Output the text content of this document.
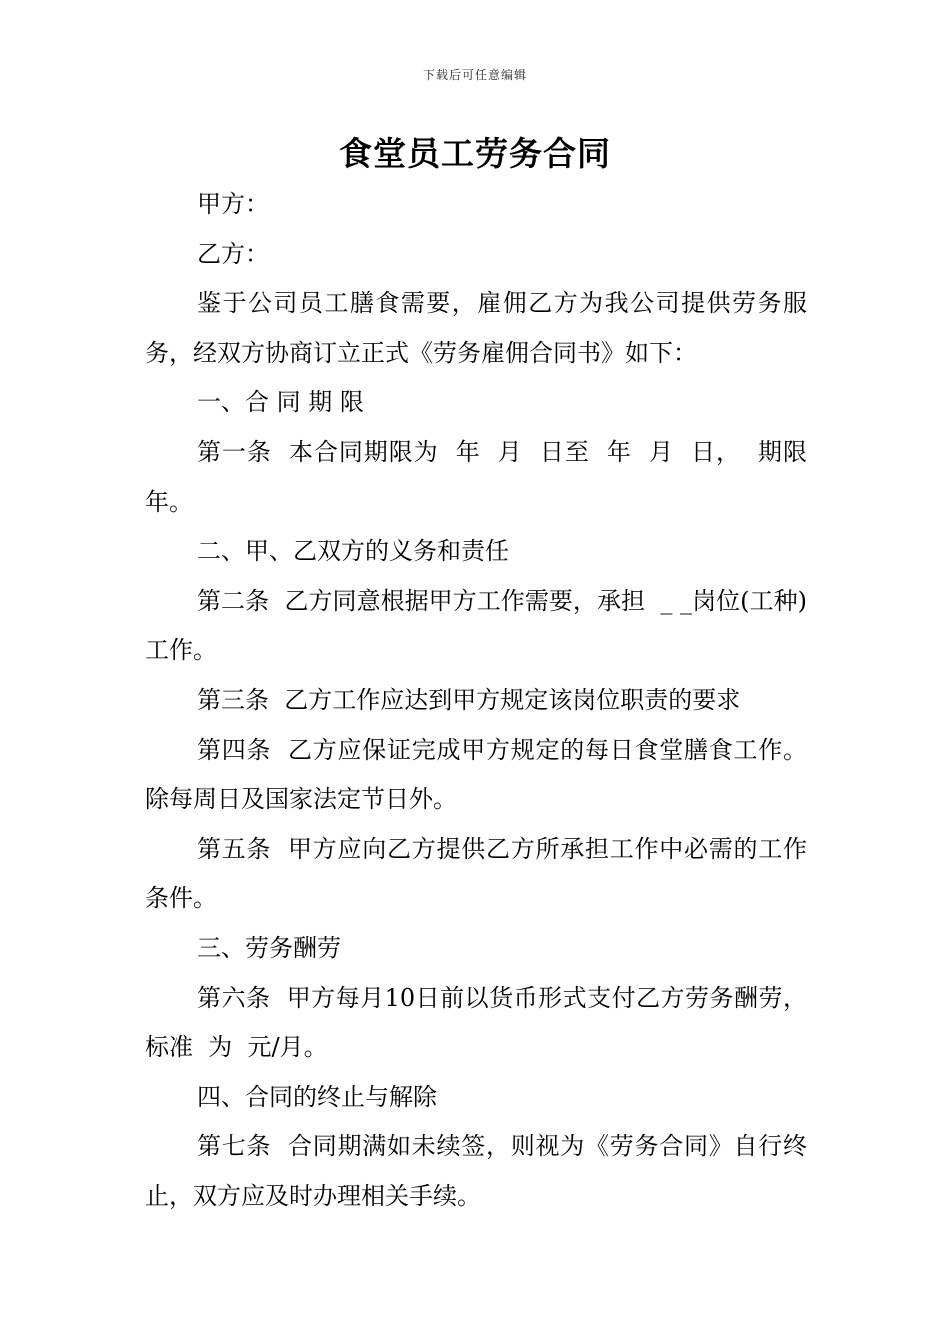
下载后可任意编辑
食堂员工劳务合同

甲方：

乙方：

鉴于公司员工膳食需要，雇佣乙方为我公司提供劳务服务，经双方协商订立正式《劳务雇佣合同书》如下：

一、合 同 期 限

第一条  本合同期限为  年  月  日至  年  月  日，  期限  年。

二、甲、乙双方的义务和责任

第二条  乙方同意根据甲方工作需要，承担  _ _岗位(工种)工作。

第三条  乙方工作应达到甲方规定该岗位职责的要求

第四条  乙方应保证完成甲方规定的每日食堂膳食工作。除每周日及国家法定节日外。

第五条  甲方应向乙方提供乙方所承担工作中必需的工作条件。

三、劳务酬劳

第六条  甲方每月10日前以货币形式支付乙方劳务酬劳，标准  为  元/月。

四、合同的终止与解除

第七条  合同期满如未续签，则视为《劳务合同》自行终止，双方应及时办理相关手续。
